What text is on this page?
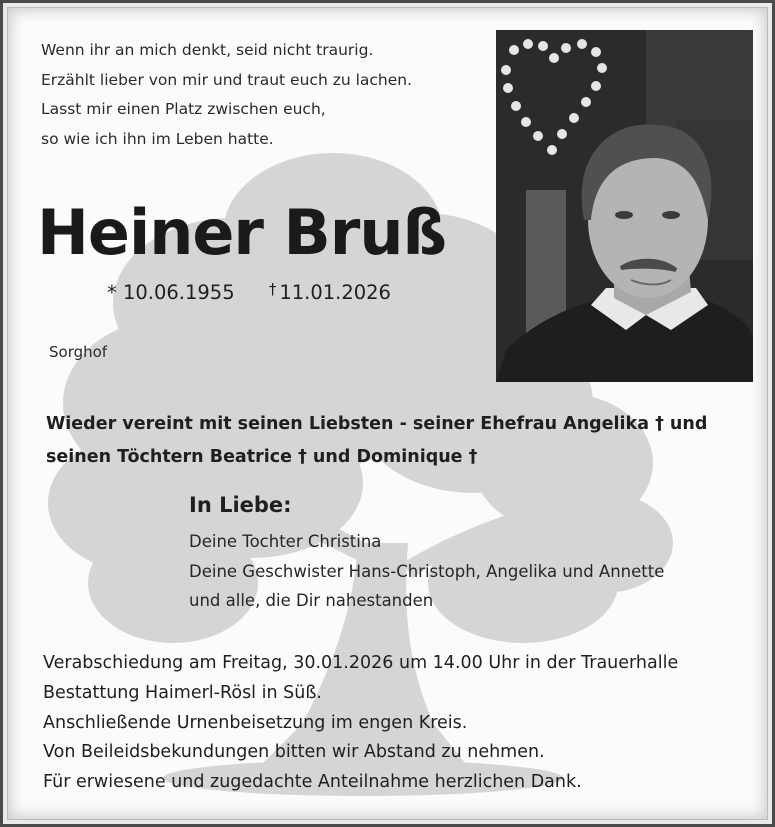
Wenn ihr an mich denkt, seid nicht traurig.
Erzählt lieber von mir und traut euch zu lachen.
Lasst mir einen Platz zwischen euch,
so wie ich ihn im Leben hatte.
Heiner Bruß
* 10.06.1955 † 11.01.2026
Sorghof
Wieder vereint mit seinen Liebsten - seiner Ehefrau Angelika † und
seinen Töchtern Beatrice † und Dominique †
In Liebe:
Deine Tochter Christina
Deine Geschwister Hans-Christoph, Angelika und Annette
und alle, die Dir nahestanden
Verabschiedung am Freitag, 30.01.2026 um 14.00 Uhr in der Trauerhalle
Bestattung Haimerl-Rösl in Süß.
Anschließende Urnenbeisetzung im engen Kreis.
Von Beileidsbekundungen bitten wir Abstand zu nehmen.
Für erwiesene und zugedachte Anteilnahme herzlichen Dank.
